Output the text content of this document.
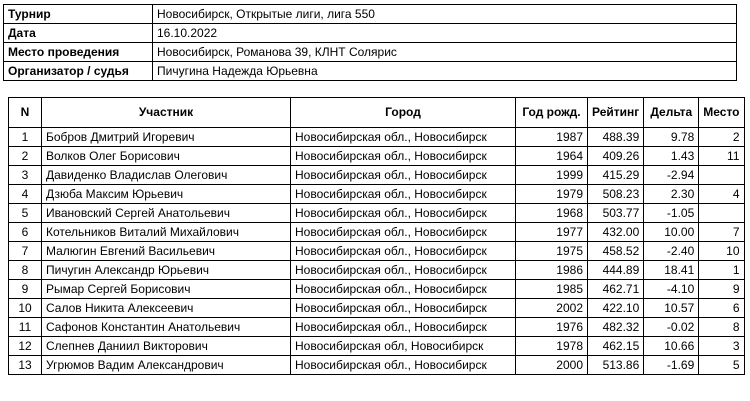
Турнир	Новосибирск, Открытые лиги, лига 550
Дата	16.10.2022
Место проведения	Новосибирск, Романова 39, КЛНТ Солярис
Организатор / судья	Пичугина Надежда Юрьевна
N	Участник	Город	Год рожд.	Рейтинг	Дельта	Место
1	Бобров Дмитрий Игоревич	Новосибирская обл., Новосибирск	1987	488.39	9.78	2
2	Волков Олег Борисович	Новосибирская обл., Новосибирск	1964	409.26	1.43	11
3	Давиденко Владислав Олегович	Новосибирская обл., Новосибирск	1999	415.29	-2.94	
4	Дзюба Максим Юрьевич	Новосибирская обл., Новосибирск	1979	508.23	2.30	4
5	Ивановский Сергей Анатольевич	Новосибирская обл., Новосибирск	1968	503.77	-1.05	
6	Котельников Виталий Михайлович	Новосибирская обл., Новосибирск	1977	432.00	10.00	7
7	Малюгин Евгений Васильевич	Новосибирская обл., Новосибирск	1975	458.52	-2.40	10
8	Пичугин Александр Юрьевич	Новосибирская обл., Новосибирск	1986	444.89	18.41	1
9	Рымар Сергей Борисович	Новосибирская обл., Новосибирск	1985	462.71	-4.10	9
10	Салов Никита Алексеевич	Новосибирская обл., Новосибирск	2002	422.10	10.57	6
11	Сафонов Константин Анатольевич	Новосибирская обл., Новосибирск	1976	482.32	-0.02	8
12	Слепнев Даниил Викторович	Новосибирская обл, Новосибирск	1978	462.15	10.66	3
13	Угрюмов Вадим Александрович	Новосибирская обл., Новосибирск	2000	513.86	-1.69	5
